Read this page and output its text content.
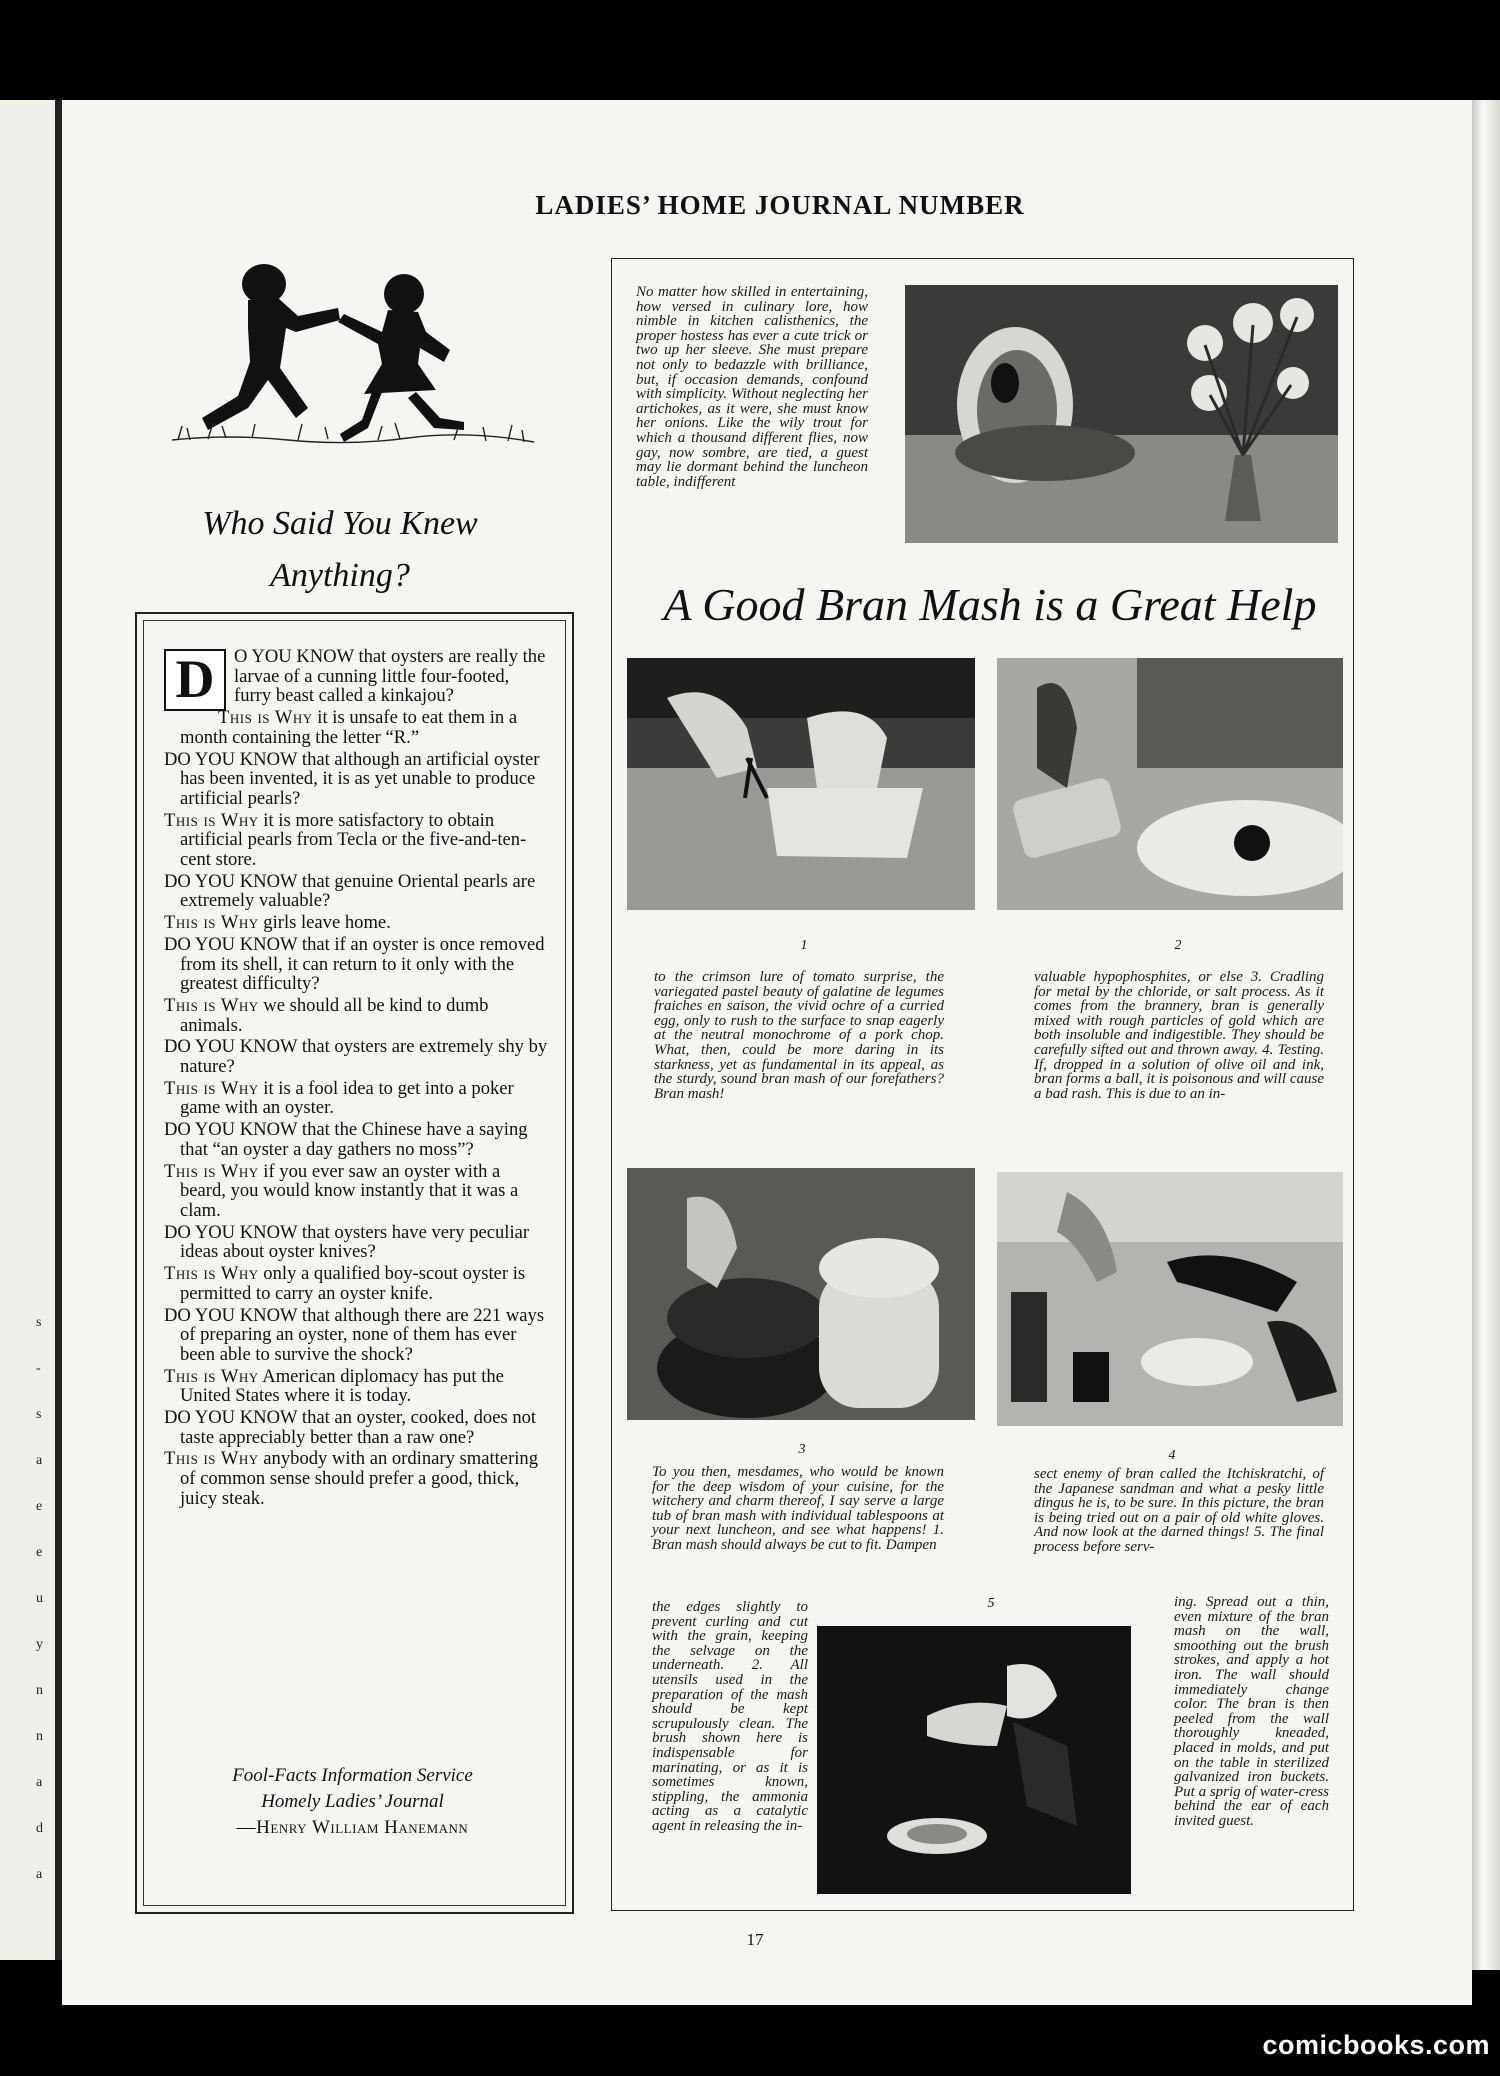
s
-
s
a
e
e
u
y
n
n
a
d
a
LADIES’ HOME JOURNAL NUMBER
Who Said You Knew
Anything?

D	O YOU KNOW that oysters are really the larvae of a cunning little four-footed, furry beast called a kinkajou?

This is Why it is unsafe to eat them in a month containing the letter “R.”

DO YOU KNOW that although an artificial oyster has been invented, it is as yet unable to produce artificial pearls?

This is Why it is more satisfactory to obtain artificial pearls from Tecla or the five-and-ten-cent store.

DO YOU KNOW that genuine Oriental pearls are extremely valuable?

This is Why girls leave home.

DO YOU KNOW that if an oyster is once removed from its shell, it can return to it only with the greatest difficulty?

This is Why we should all be kind to dumb animals.

DO YOU KNOW that oysters are extremely shy by nature?

This is Why it is a fool idea to get into a poker game with an oyster.

DO YOU KNOW that the Chinese have a saying that “an oyster a day gathers no moss”?

This is Why if you ever saw an oyster with a beard, you would know instantly that it was a clam.

DO YOU KNOW that oysters have very peculiar ideas about oyster knives?

This is Why only a qualified boy-scout oyster is permitted to carry an oyster knife.

DO YOU KNOW that although there are 221 ways of preparing an oyster, none of them has ever been able to survive the shock?

This is Why American diplomacy has put the United States where it is today.

DO YOU KNOW that an oyster, cooked, does not taste appreciably better than a raw one?

This is Why anybody with an ordinary smattering of common sense should prefer a good, thick, juicy steak.

Fool-Facts Information Service
Homely Ladies’ Journal
—Henry William Hanemann
No matter how skilled in entertaining, how versed in culinary lore, how nimble in kitchen calisthenics, the proper hostess has ever a cute trick or two up her sleeve. She must prepare not only to bedazzle with brilliance, but, if occasion demands, confound with simplicity. Without neglecting her artichokes, as it were, she must know her onions. Like the wily trout for which a thousand different flies, now gay, now sombre, are tied, a guest may lie dormant behind the luncheon table, indifferent
A Good Bran Mash is a Great Help
1	2
to the crimson lure of tomato surprise, the variegated pastel beauty of galatine de legumes fraiches en saison, the vivid ochre of a curried egg, only to rush to the surface to snap eagerly at the neutral monochrome of a pork chop. What, then, could be more daring in its starkness, yet as fundamental in its appeal, as the sturdy, sound bran mash of our forefathers? Bran mash!
valuable hypophosphites, or else 3. Cradling for metal by the chloride, or salt process. As it comes from the brannery, bran is generally mixed with rough particles of gold which are both insoluble and indigestible. They should be carefully sifted out and thrown away. 4. Testing. If, dropped in a solution of olive oil and ink, bran forms a ball, it is poisonous and will cause a bad rash. This is due to an in-
3	4
To you then, mesdames, who would be known for the deep wisdom of your cuisine, for the witchery and charm thereof, I say serve a large tub of bran mash with individual tablespoons at your next luncheon, and see what happens! 1. Bran mash should always be cut to fit. Dampen
sect enemy of bran called the Itchiskratchi, of the Japanese sandman and what a pesky little dingus he is, to be sure. In this picture, the bran is being tried out on a pair of old white gloves. And now look at the darned things! 5. The final process before serv-
5
the edges slightly to prevent curling and cut with the grain, keeping the selvage on the underneath. 2. All utensils used in the preparation of the mash should be kept scrupulously clean. The brush shown here is indispensable for marinating, or as it is sometimes known, stippling, the ammonia acting as a catalytic agent in releasing the in-
ing. Spread out a thin, even mixture of the bran mash on the wall, smoothing out the brush strokes, and apply a hot iron. The wall should immediately change color. The bran is then peeled from the wall thoroughly kneaded, placed in molds, and put on the table in sterilized galvanized iron buckets. Put a sprig of water-cress behind the ear of each invited guest.
17
comicbooks.com
